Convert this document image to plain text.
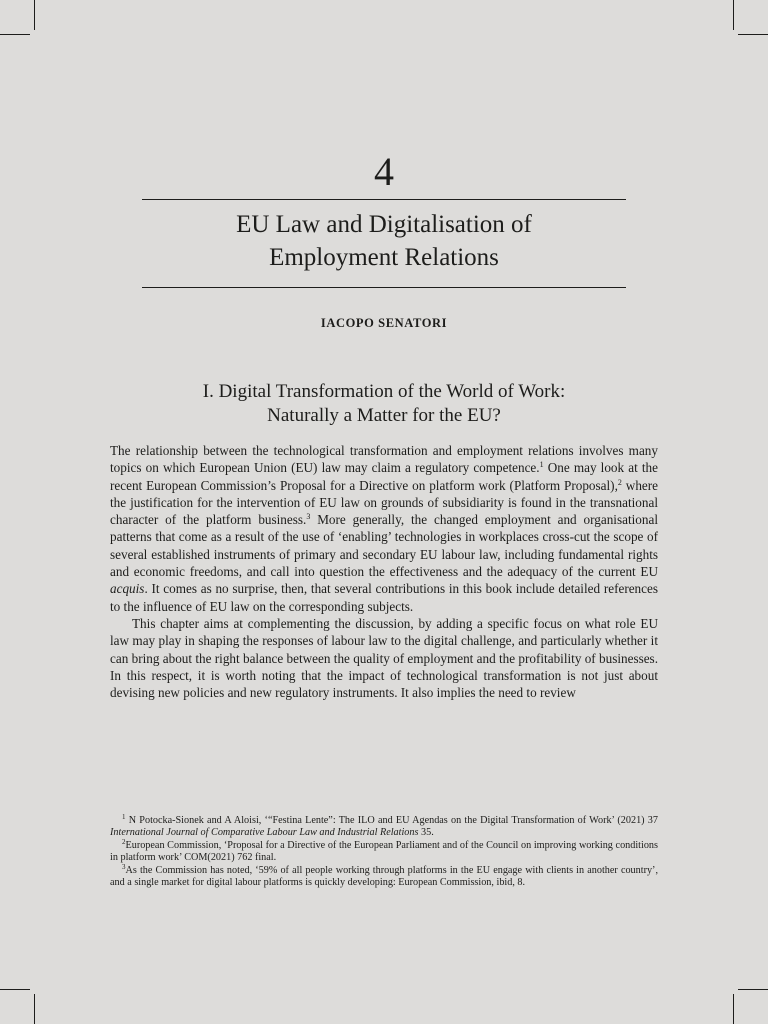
4
EU Law and Digitalisation of
Employment Relations
IACOPO SENATORI
I. Digital Transformation of the World of Work:
Naturally a Matter for the EU?

The relationship between the technological transformation and employment relations involves many topics on which European Union (EU) law may claim a regulatory competence.$^1$ One may look at the recent European Commission’s Proposal for a Directive on platform work (Platform Proposal),$^2$ where the justification for the intervention of EU law on grounds of subsidiarity is found in the transnational character of the platform business.$^3$ More generally, the changed employment and organisational patterns that come as a result of the use of ‘enabling’ technologies in workplaces cross-cut the scope of several established instruments of primary and secondary EU labour law, including fundamental rights and economic freedoms, and call into question the effectiveness and the adequacy of the current EU acquis. It comes as no surprise, then, that several contributions in this book include detailed references to the influence of EU law on the corresponding subjects.

This chapter aims at complementing the discussion, by adding a specific focus on what role EU law may play in shaping the responses of labour law to the digital challenge, and particularly whether it can bring about the right balance between the quality of employment and the profitability of businesses. In this respect, it is worth noting that the impact of technological transformation is not just about devising new policies and new regulatory instruments. It also implies the need to review

$^1$ N Potocka-Sionek and A Aloisi, ‘“Festina Lente”: The ILO and EU Agendas on the Digital Transformation of Work’ (2021) 37 International Journal of Comparative Labour Law and Industrial Relations 35.

$^2$European Commission, ‘Proposal for a Directive of the European Parliament and of the Council on improving working conditions in platform work’ COM(2021) 762 final.

$^3$As the Commission has noted, ‘59% of all people working through platforms in the EU engage with clients in another country’, and a single market for digital labour platforms is quickly developing: European Commission, ibid, 8.
